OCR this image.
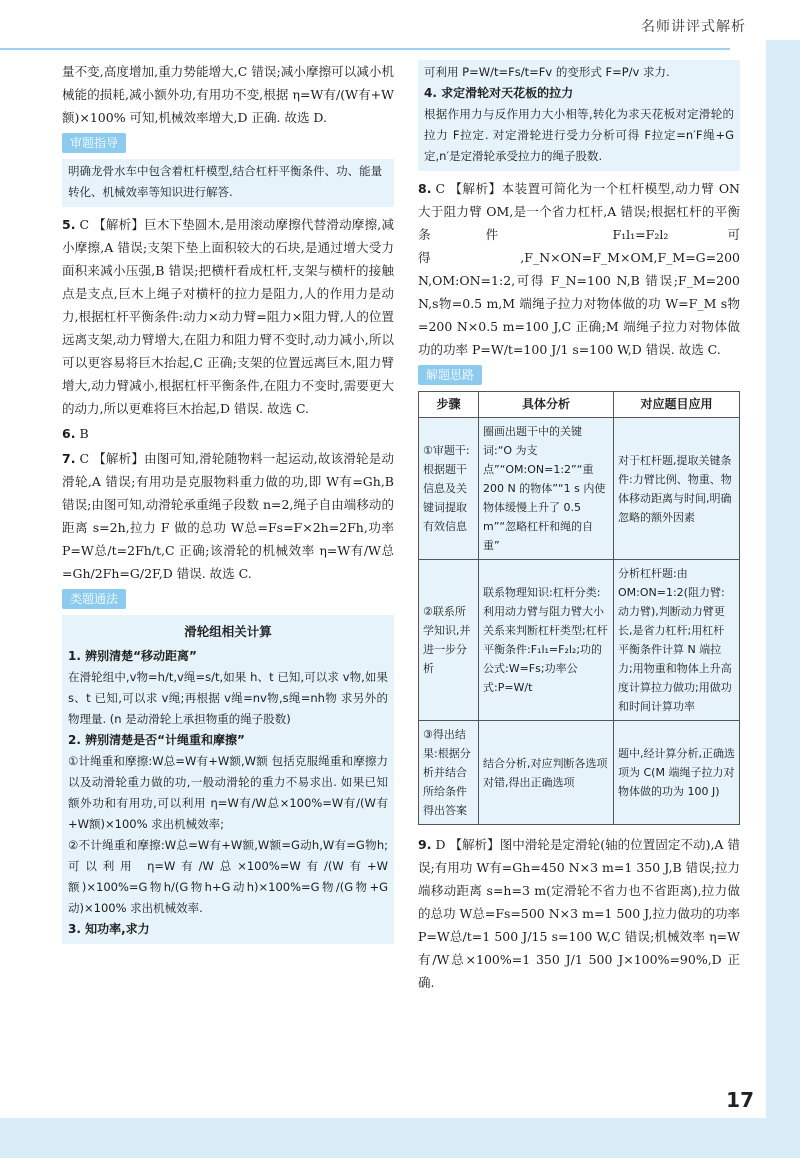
名师讲评式解析
17

量不变,高度增加,重力势能增大,C 错误;减小摩擦可以减小机械能的损耗,减小额外功,有用功不变,根据 η=W有/(W有+W额)×100% 可知,机械效率增大,D 正确. 故选 D.

审题指导
明确龙骨水车中包含着杠杆模型,结合杠杆平衡条件、功、能量转化、机械效率等知识进行解答.

5. C 【解析】巨木下垫圆木,是用滚动摩擦代替滑动摩擦,减小摩擦,A 错误;支架下垫上面积较大的石块,是通过增大受力面积来减小压强,B 错误;把横杆看成杠杆,支架与横杆的接触点是支点,巨木上绳子对横杆的拉力是阻力,人的作用力是动力,根据杠杆平衡条件:动力×动力臂=阻力×阻力臂,人的位置远离支架,动力臂增大,在阻力和阻力臂不变时,动力减小,所以可以更容易将巨木抬起,C 正确;支架的位置远离巨木,阻力臂增大,动力臂减小,根据杠杆平衡条件,在阻力不变时,需要更大的动力,所以更难将巨木抬起,D 错误. 故选 C.

6. B

7. C 【解析】由图可知,滑轮随物料一起运动,故该滑轮是动滑轮,A 错误;有用功是克服物料重力做的功,即 W有=Gh,B 错误;由图可知,动滑轮承重绳子段数 n=2,绳子自由端移动的距离 s=2h,拉力 F 做的总功 W总=Fs=F×2h=2Fh,功率 P=W总/t=2Fh/t,C 正确;该滑轮的机械效率 η=W有/W总=Gh/2Fh=G/2F,D 错误. 故选 C.

类题通法
滑轮组相关计算
1. 辨别清楚“移动距离”

在滑轮组中,v物=h/t,v绳=s/t,如果 h、t 已知,可以求 v物,如果 s、t 已知,可以求 v绳;再根据 v绳=nv物,s绳=nh物 求另外的物理量. (n 是动滑轮上承担物重的绳子股数)

2. 辨别清楚是否“计绳重和摩擦”

①计绳重和摩擦:W总=W有+W额,W额 包括克服绳重和摩擦力以及动滑轮重力做的功,一般动滑轮的重力不易求出. 如果已知额外功和有用功,可以利用 η=W有/W总×100%=W有/(W有+W额)×100% 求出机械效率;

②不计绳重和摩擦:W总=W有+W额,W额=G动h,W有=G物h;可以利用 η=W有/W总×100%=W有/(W有+W额)×100%=G物h/(G物h+G动h)×100%=G物/(G物+G动)×100% 求出机械效率.

3. 知功率,求力

可利用 P=W/t=Fs/t=Fv 的变形式 F=P/v 求力.

4. 求定滑轮对天花板的拉力

根据作用力与反作用力大小相等,转化为求天花板对定滑轮的拉力 F拉定. 对定滑轮进行受力分析可得 F拉定=n′F绳+G定,n′是定滑轮承受拉力的绳子股数.

8. C 【解析】本装置可简化为一个杠杆模型,动力臂 ON 大于阻力臂 OM,是一个省力杠杆,A 错误;根据杠杆的平衡条件 F₁l₁=F₂l₂ 可得,F_N×ON=F_M×OM,F_M=G=200 N,OM:ON=1:2,可得 F_N=100 N,B 错误;F_M=200 N,s物=0.5 m,M 端绳子拉力对物体做的功 W=F_M s物=200 N×0.5 m=100 J,C 正确;M 端绳子拉力对物体做功的功率 P=W/t=100 J/1 s=100 W,D 错误. 故选 C.

解题思路
步骤	具体分析	对应题目应用
①审题干:根据题干信息及关键词提取有效信息	圈画出题干中的关键词:“O 为支点”“OM:ON=1:2”“重 200 N 的物体”“1 s 内使物体缓慢上升了 0.5 m”“忽略杠杆和绳的自重”	对于杠杆题,提取关键条件:力臂比例、物重、物体移动距离与时间,明确忽略的额外因素
②联系所学知识,并进一步分析	联系物理知识:杠杆分类:利用动力臂与阻力臂大小关系来判断杠杆类型;杠杆平衡条件:F₁l₁=F₂l₂;功的公式:W=Fs;功率公式:P=W/t	分析杠杆题:由 OM:ON=1:2(阻力臂:动力臂),判断动力臂更长,是省力杠杆;用杠杆平衡条件计算 N 端拉力;用物重和物体上升高度计算拉力做功;用做功和时间计算功率
③得出结果:根据分析并结合所给条件得出答案	结合分析,对应判断各选项对错,得出正确选项	题中,经计算分析,正确选项为 C(M 端绳子拉力对物体做的功为 100 J)

9. D 【解析】图中滑轮是定滑轮(轴的位置固定不动),A 错误;有用功 W有=Gh=450 N×3 m=1 350 J,B 错误;拉力端移动距离 s=h=3 m(定滑轮不省力也不省距离),拉力做的总功 W总=Fs=500 N×3 m=1 500 J,拉力做功的功率 P=W总/t=1 500 J/15 s=100 W,C 错误;机械效率 η=W有/W总×100%=1 350 J/1 500 J×100%=90%,D 正确.
